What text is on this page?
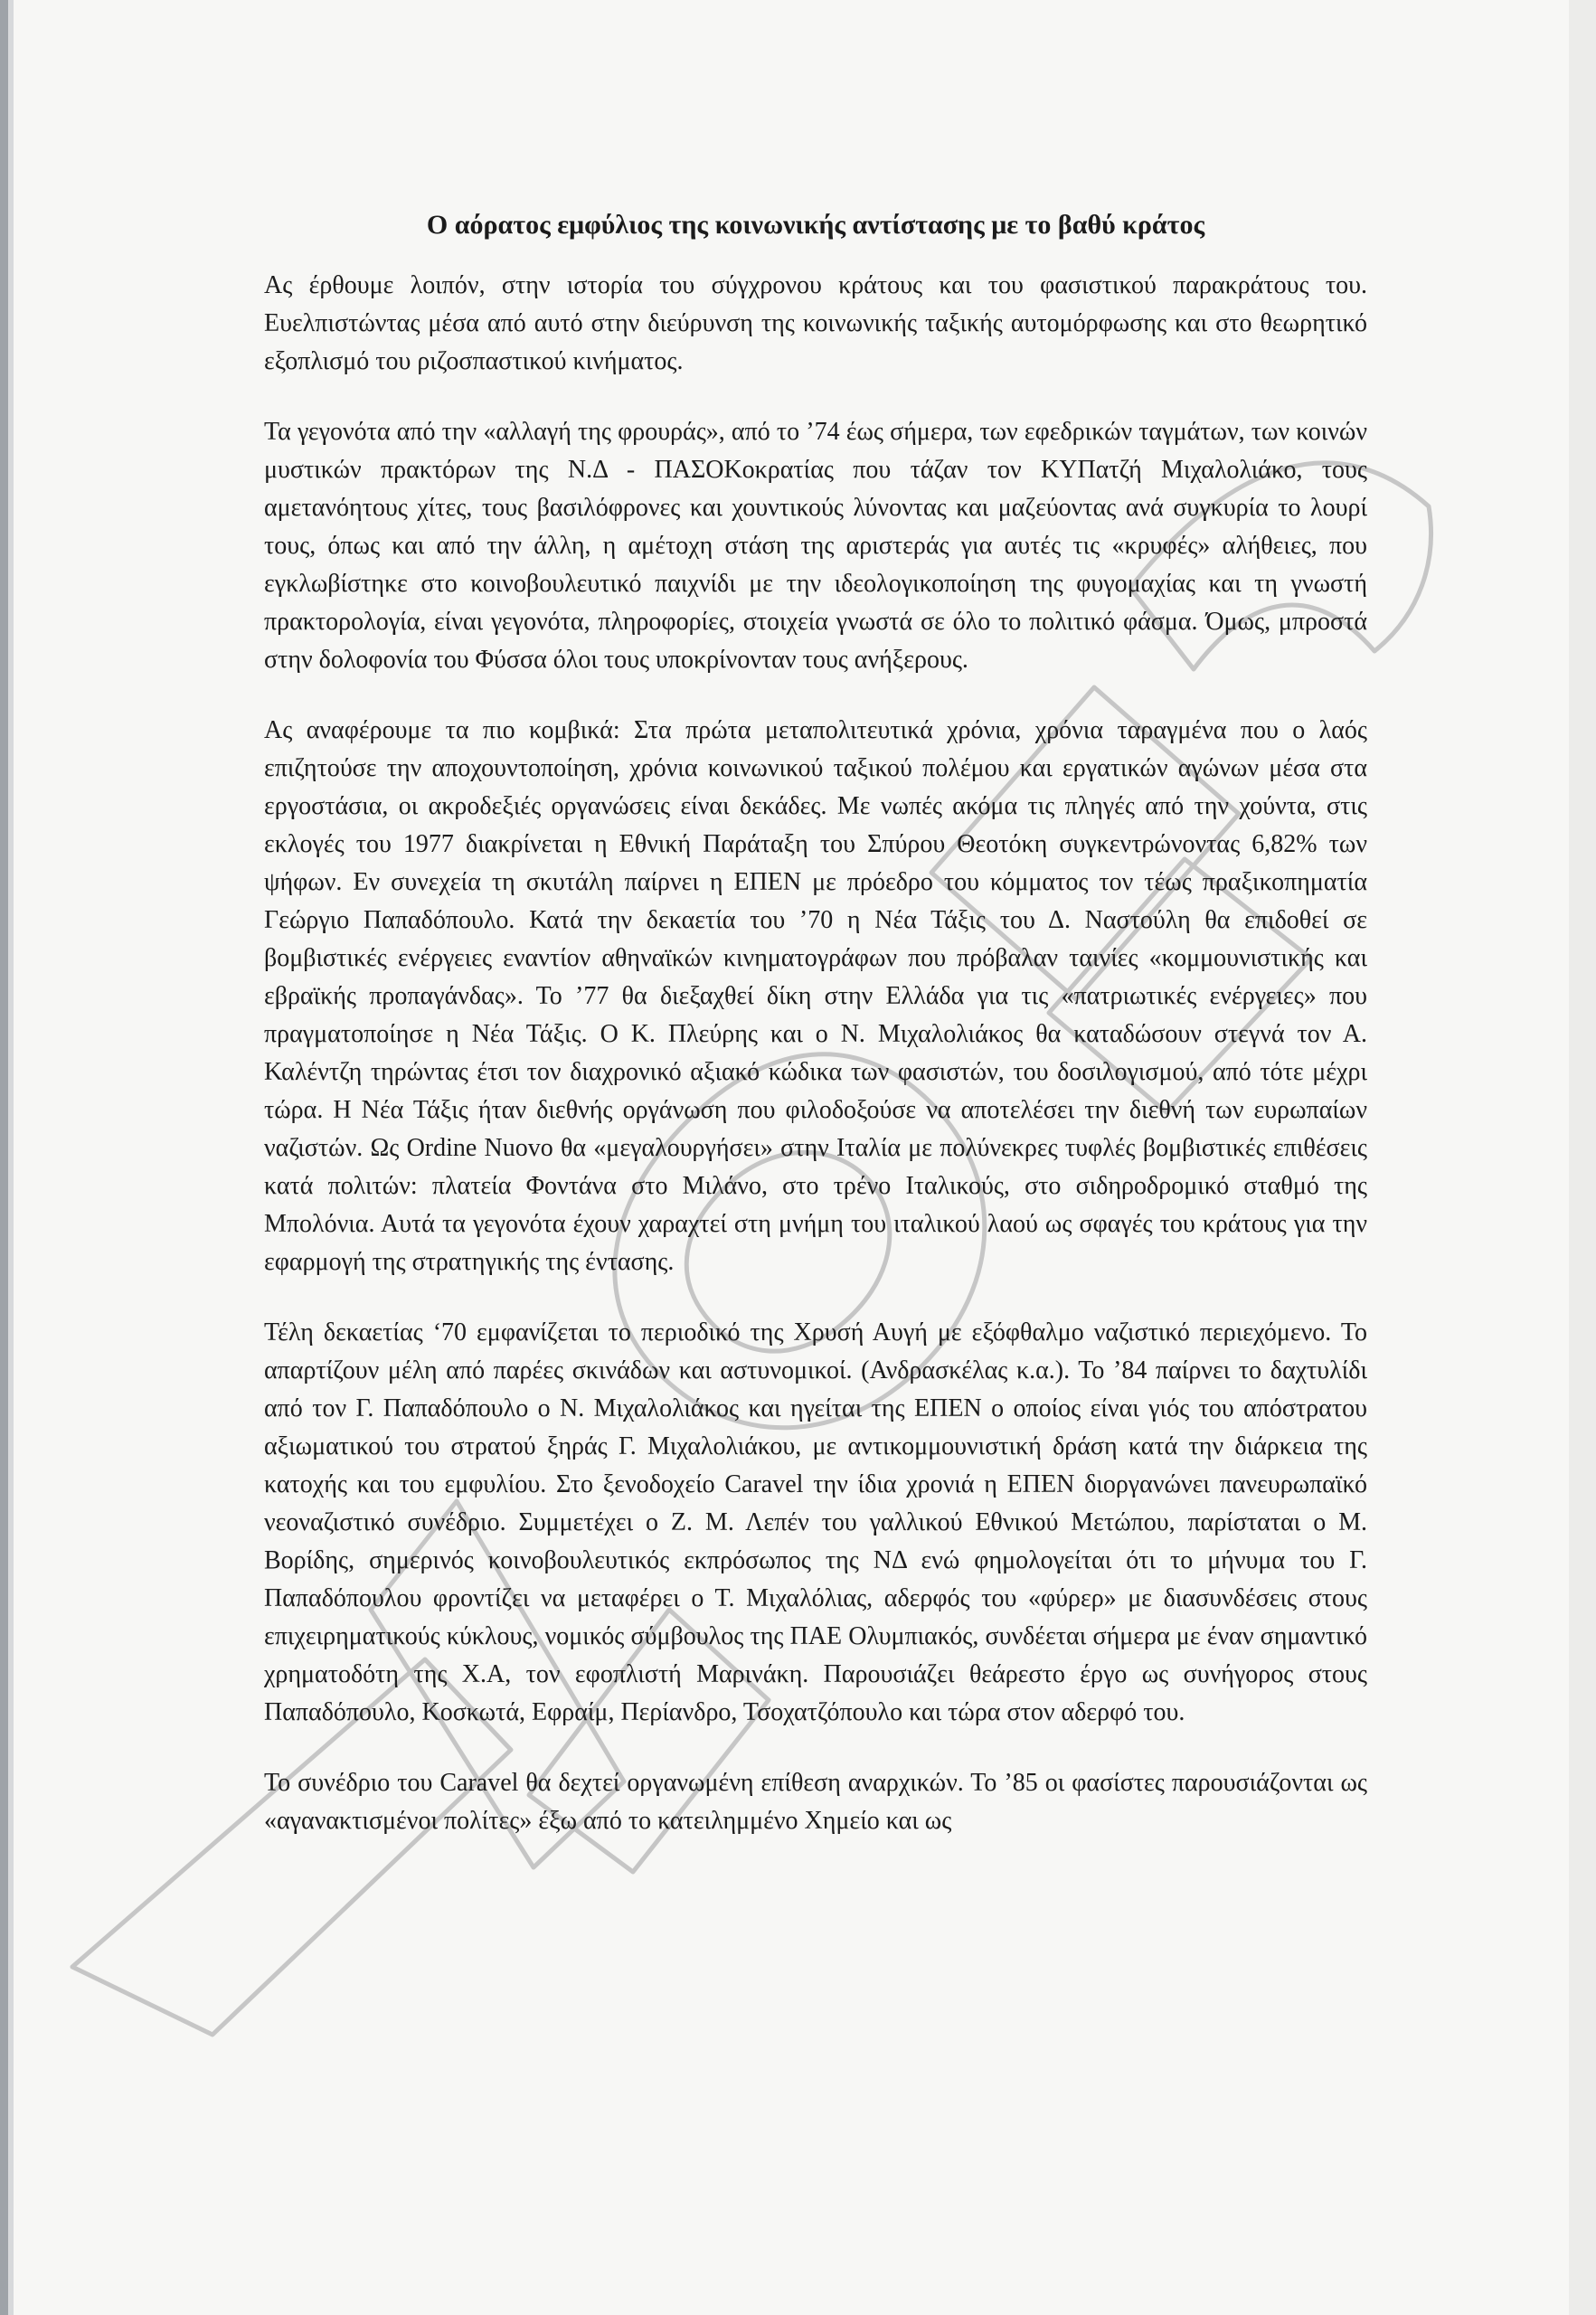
Ο αόρατος εμφύλιος της κοινωνικής αντίστασης με το βαθύ κράτος

Ας έρθουμε λοιπόν, στην ιστορία του σύγχρονου κράτους και του φασιστικού παρακράτους του. Ευελπιστώντας μέσα από αυτό στην διεύρυνση της κοινωνικής ταξικής αυτομόρφωσης και στο θεωρητικό εξοπλισμό του ριζοσπαστικού κινήματος.

Τα γεγονότα από την «αλλαγή της φρουράς», από το ’74 έως σήμερα, των εφεδρικών ταγμάτων, των κοινών μυστικών πρακτόρων της Ν.Δ - ΠΑΣΟΚοκρατίας που τάζαν τον ΚΥΠατζή Μιχαλολιάκο, τους αμετανόητους χίτες, τους βασιλόφρονες και χουντικούς λύνοντας και μαζεύοντας ανά συγκυρία το λουρί τους, όπως και από την άλλη, η αμέτοχη στάση της αριστεράς για αυτές τις «κρυφές» αλήθειες, που εγκλωβίστηκε στο κοινοβουλευτικό παιχνίδι με την ιδεολογικοποίηση της φυγομαχίας και τη γνωστή πρακτορολογία, είναι γεγονότα, πληροφορίες, στοιχεία γνωστά σε όλο το πολιτικό φάσμα. Όμως, μπροστά στην δολοφονία του Φύσσα όλοι τους υποκρίνονταν τους ανήξερους.

Ας αναφέρουμε τα πιο κομβικά: Στα πρώτα μεταπολιτευτικά χρόνια, χρόνια ταραγμένα που ο λαός επιζητούσε την αποχουντοποίηση, χρόνια κοινωνικού ταξικού πολέμου και εργατικών αγώνων μέσα στα εργοστάσια, οι ακροδεξιές οργανώσεις είναι δεκάδες. Με νωπές ακόμα τις πληγές από την χούντα, στις εκλογές του 1977 διακρίνεται η Εθνική Παράταξη του Σπύρου Θεοτόκη συγκεντρώνοντας 6,82% των ψήφων. Εν συνεχεία τη σκυτάλη παίρνει η ΕΠΕΝ με πρόεδρο του κόμματος τον τέως πραξικοπηματία Γεώργιο Παπαδόπουλο. Κατά την δεκαετία του ’70 η Νέα Τάξις του Δ. Ναστούλη θα επιδοθεί σε βομβιστικές ενέργειες εναντίον αθηναϊκών κινηματογράφων που πρόβαλαν ταινίες «κομμουνιστικής και εβραϊκής προπαγάνδας». Το ’77 θα διεξαχθεί δίκη στην Ελλάδα για τις «πατριωτικές ενέργειες» που πραγματοποίησε η Νέα Τάξις. Ο Κ. Πλεύρης και ο Ν. Μιχαλολιάκος θα καταδώσουν στεγνά τον Α. Καλέντζη τηρώντας έτσι τον διαχρονικό αξιακό κώδικα των φασιστών, του δοσιλογισμού, από τότε μέχρι τώρα. Η Νέα Τάξις ήταν διεθνής οργάνωση που φιλοδοξούσε να αποτελέσει την διεθνή των ευρωπαίων ναζιστών. Ως Ordine Nuovo θα «μεγαλουργήσει» στην Ιταλία με πολύνεκρες τυφλές βομβιστικές επιθέσεις κατά πολιτών: πλατεία Φοντάνα στο Μιλάνο, στο τρένο Ιταλικούς, στο σιδηροδρομικό σταθμό της Μπολόνια. Αυτά τα γεγονότα έχουν χαραχτεί στη μνήμη του ιταλικού λαού ως σφαγές του κράτους για την εφαρμογή της στρατηγικής της έντασης.

Τέλη δεκαετίας ‘70 εμφανίζεται το περιοδικό της Χρυσή Αυγή με εξόφθαλμο ναζιστικό περιεχόμενο. Το απαρτίζουν μέλη από παρέες σκινάδων και αστυνομικοί. (Ανδρασκέλας κ.α.). Το ’84 παίρνει το δαχτυλίδι από τον Γ. Παπαδόπουλο ο Ν. Μιχαλολιάκος και ηγείται της ΕΠΕΝ ο οποίος είναι γιός του απόστρατου αξιωματικού του στρατού ξηράς Γ. Μιχαλολιάκου, με αντικομμουνιστική δράση κατά την διάρκεια της κατοχής και του εμφυλίου. Στο ξενοδοχείο Caravel την ίδια χρονιά η ΕΠΕΝ διοργανώνει πανευρωπαϊκό νεοναζιστικό συνέδριο. Συμμετέχει ο Ζ. Μ. Λεπέν του γαλλικού Εθνικού Μετώπου, παρίσταται ο Μ. Βορίδης, σημερινός κοινοβουλευτικός εκπρόσωπος της ΝΔ ενώ φημολογείται ότι το μήνυμα του Γ. Παπαδόπουλου φροντίζει να μεταφέρει ο Τ. Μιχαλόλιας, αδερφός του «φύρερ» με διασυνδέσεις στους επιχειρηματικούς κύκλους, νομικός σύμβουλος της ΠΑΕ Ολυμπιακός, συνδέεται σήμερα με έναν σημαντικό χρηματοδότη της Χ.Α, τον εφοπλιστή Μαρινάκη. Παρουσιάζει θεάρεστο έργο ως συνήγορος στους Παπαδόπουλο, Κοσκωτά, Εφραίμ, Περίανδρο, Τσοχατζόπουλο και τώρα στον αδερφό του.

Το συνέδριο του Caravel θα δεχτεί οργανωμένη επίθεση αναρχικών. Το ’85 οι φασίστες παρουσιάζονται ως «αγανακτισμένοι πολίτες» έξω από το κατειλημμένο Χημείο και ως
